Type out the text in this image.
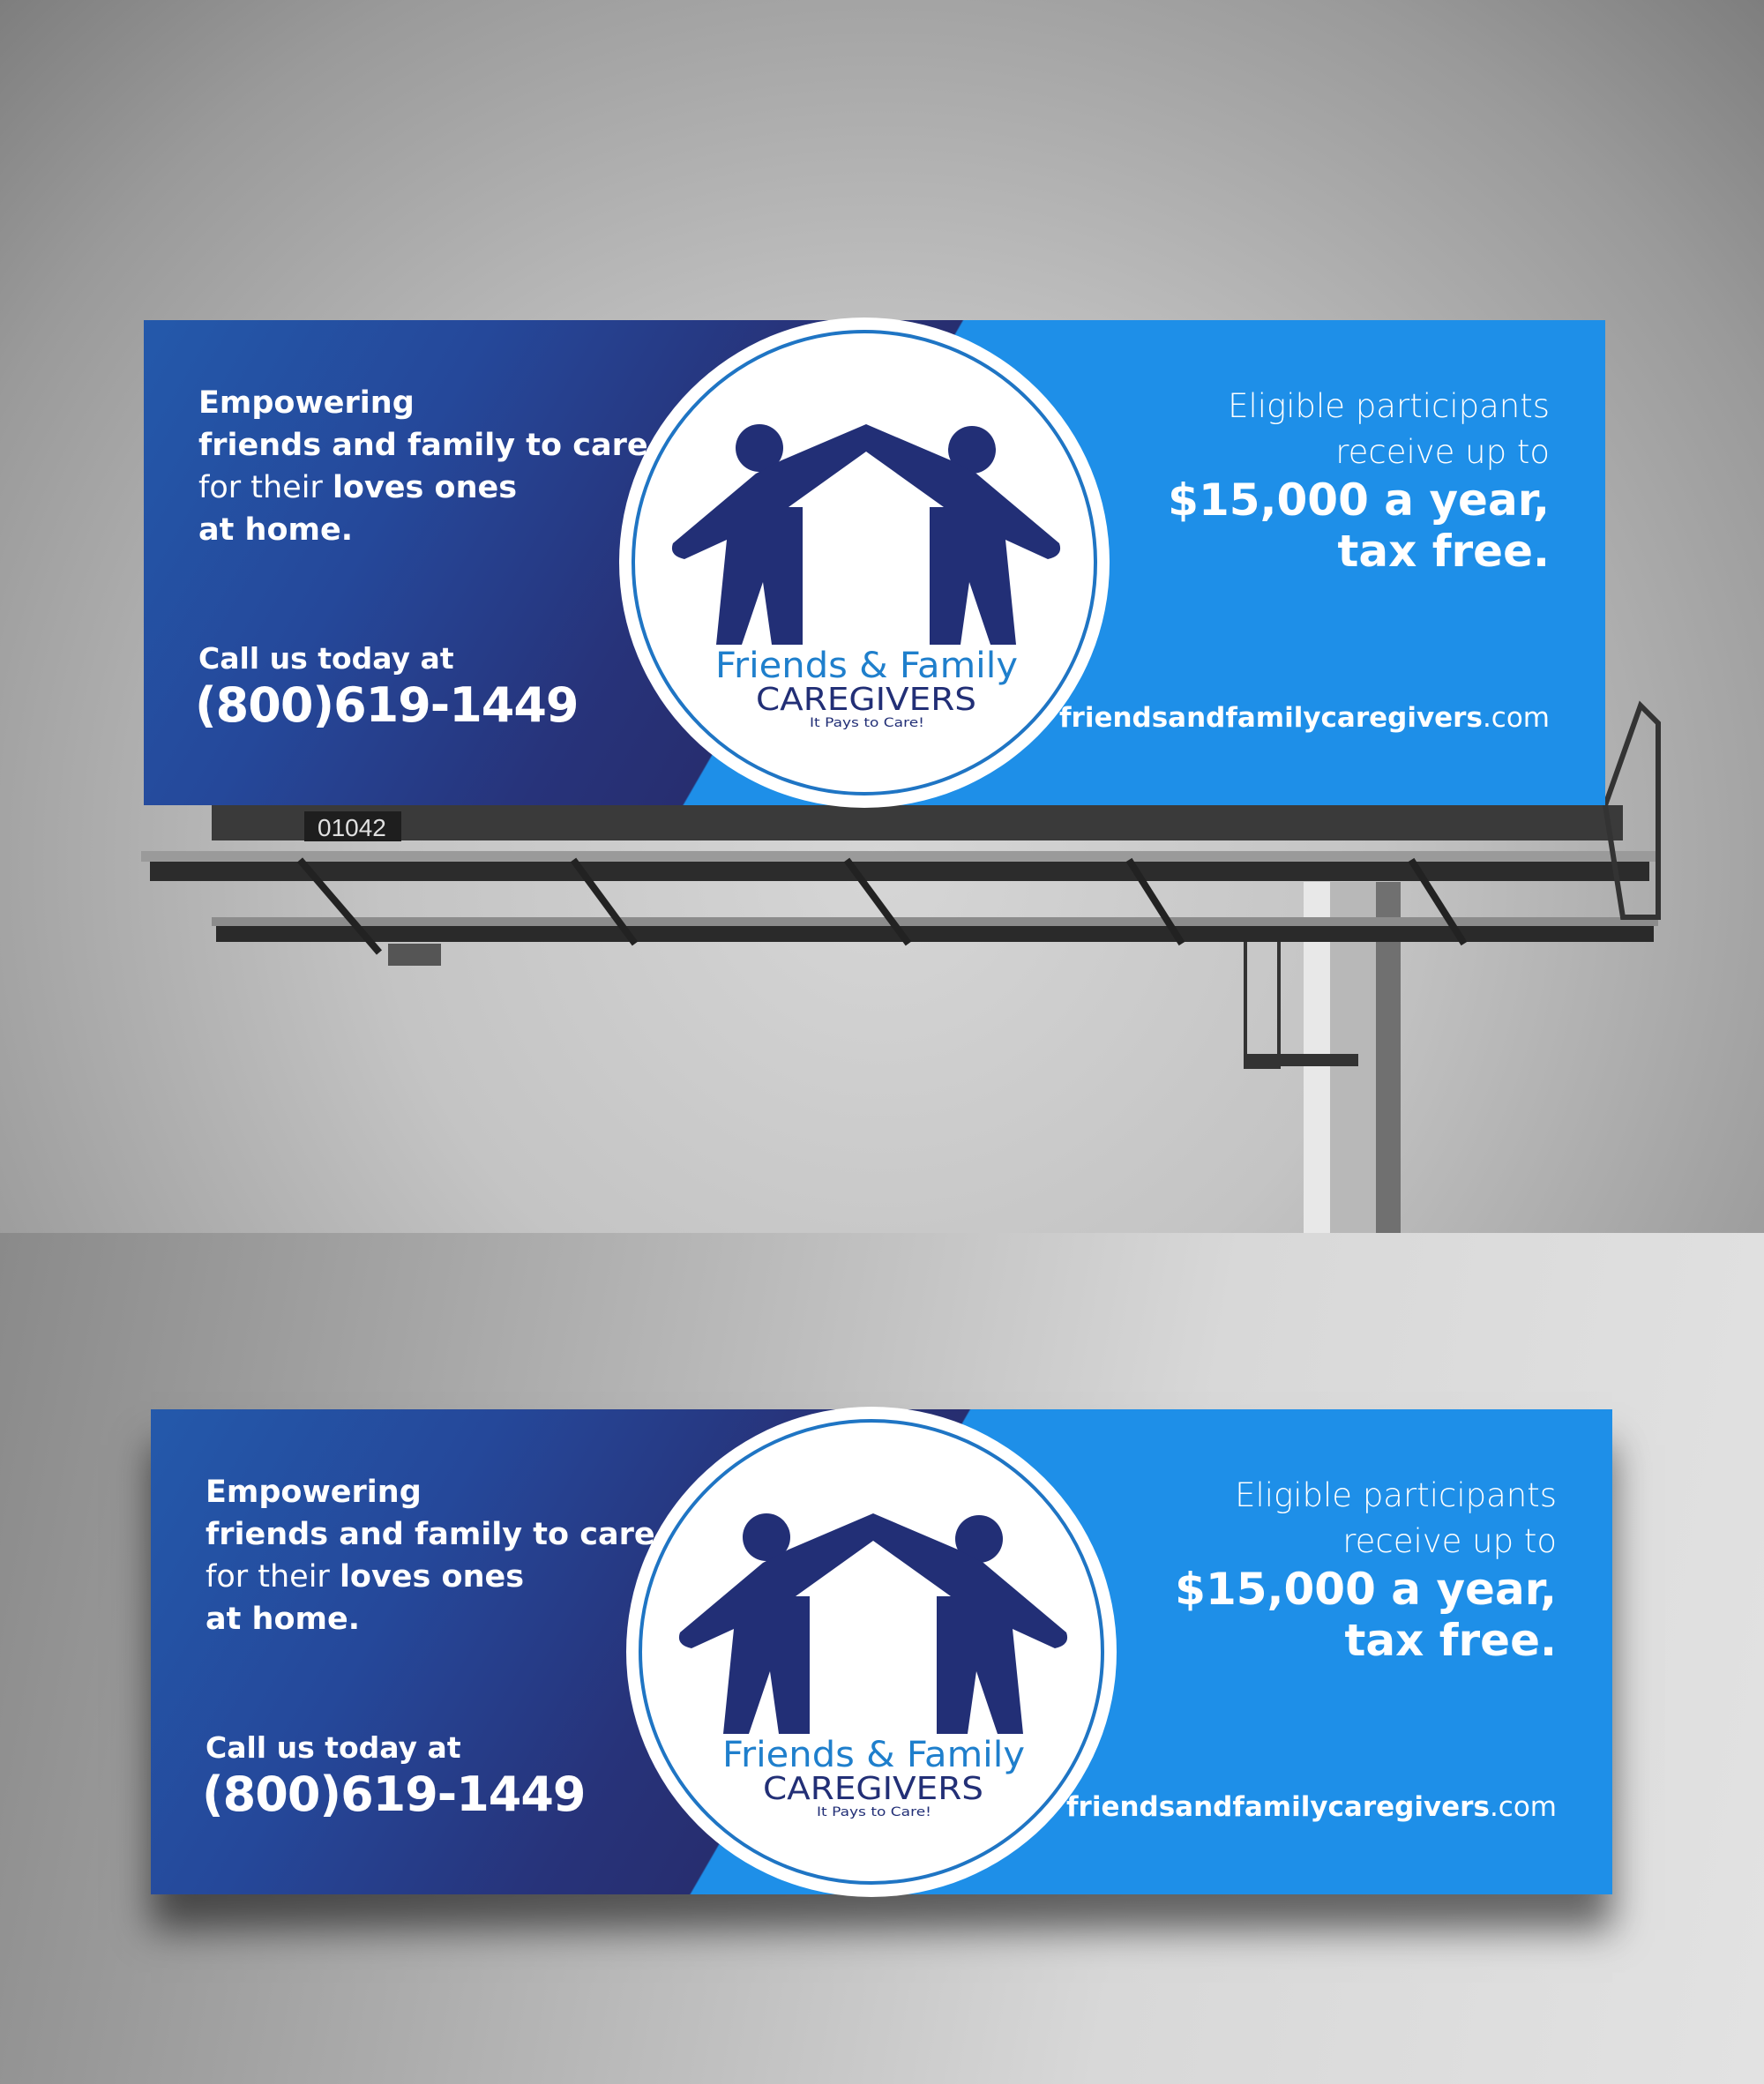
01042
Empowering
friends and family to care
for their loves ones
at home.
Call us today at
(800)619-1449
Eligible participants
receive up to
$15,000 a year,
tax free.
friendsandfamilycaregivers.com
Friends & Family
CAREGIVERS
It Pays to Care!
Empowering
friends and family to care
for their loves ones
at home.
Call us today at
(800)619-1449
Eligible participants
receive up to
$15,000 a year,
tax free.
friendsandfamilycaregivers.com
Friends & Family
CAREGIVERS
It Pays to Care!
